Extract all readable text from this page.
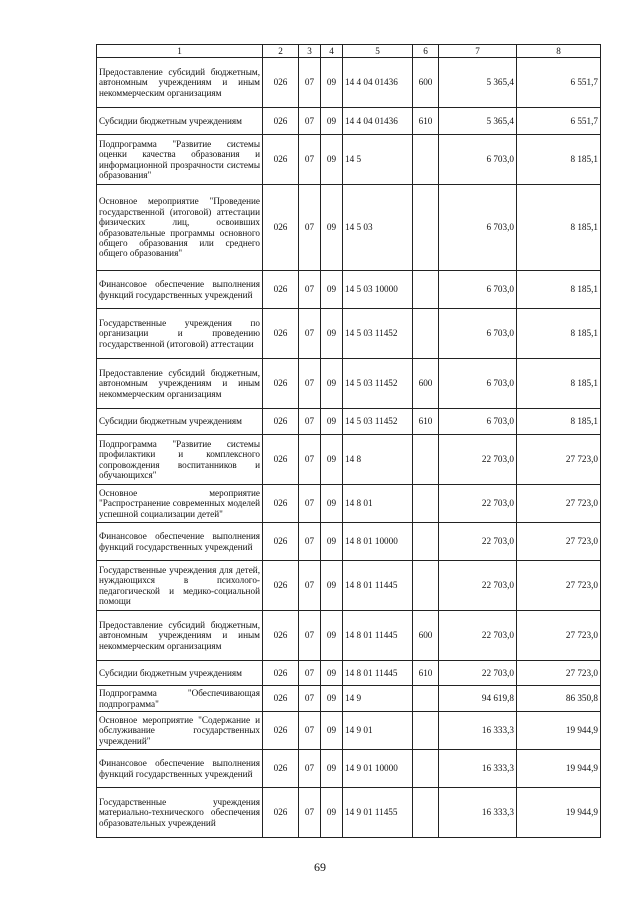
1	2	3	4	5	6	7	8
Предоставление субсидий бюджетным, автономным учреждениям и иным некоммерческим организациям	026	07	09	14 4 04 01436	600	5 365,4	6 551,7
Субсидии бюджетным учреждениям	026	07	09	14 4 04 01436	610	5 365,4	6 551,7
Подпрограмма "Развитие системы оценки качества образования и информационной прозрачности системы образования"	026	07	09	14 5		6 703,0	8 185,1
Основное мероприятие "Проведение государственной (итоговой) аттестации физических лиц, освоивших образовательные программы основного общего образования или среднего общего образования"	026	07	09	14 5 03		6 703,0	8 185,1
Финансовое обеспечение выполнения функций государственных учреждений	026	07	09	14 5 03 10000		6 703,0	8 185,1
Государственные учреждения по организации и проведению государственной (итоговой) аттестации	026	07	09	14 5 03 11452		6 703,0	8 185,1
Предоставление субсидий бюджетным, автономным учреждениям и иным некоммерческим организациям	026	07	09	14 5 03 11452	600	6 703,0	8 185,1
Субсидии бюджетным учреждениям	026	07	09	14 5 03 11452	610	6 703,0	8 185,1
Подпрограмма "Развитие системы профилактики и комплексного сопровождения воспитанников и обучающихся"	026	07	09	14 8		22 703,0	27 723,0
Основное мероприятие "Распространение современных моделей успешной социализации детей"	026	07	09	14 8 01		22 703,0	27 723,0
Финансовое обеспечение выполнения функций государственных учреждений	026	07	09	14 8 01 10000		22 703,0	27 723,0
Государственные учреждения для детей, нуждающихся в психолого-педагогической и медико-социальной помощи	026	07	09	14 8 01 11445		22 703,0	27 723,0
Предоставление субсидий бюджетным, автономным учреждениям и иным некоммерческим организациям	026	07	09	14 8 01 11445	600	22 703,0	27 723,0
Субсидии бюджетным учреждениям	026	07	09	14 8 01 11445	610	22 703,0	27 723,0
Подпрограмма "Обеспечивающая подпрограмма"	026	07	09	14 9		94 619,8	86 350,8
Основное мероприятие "Содержание и обслуживание государственных учреждений"	026	07	09	14 9 01		16 333,3	19 944,9
Финансовое обеспечение выполнения функций государственных учреждений	026	07	09	14 9 01 10000		16 333,3	19 944,9
Государственные учреждения материально-технического обеспечения образовательных учреждений	026	07	09	14 9 01 11455		16 333,3	19 944,9
69
